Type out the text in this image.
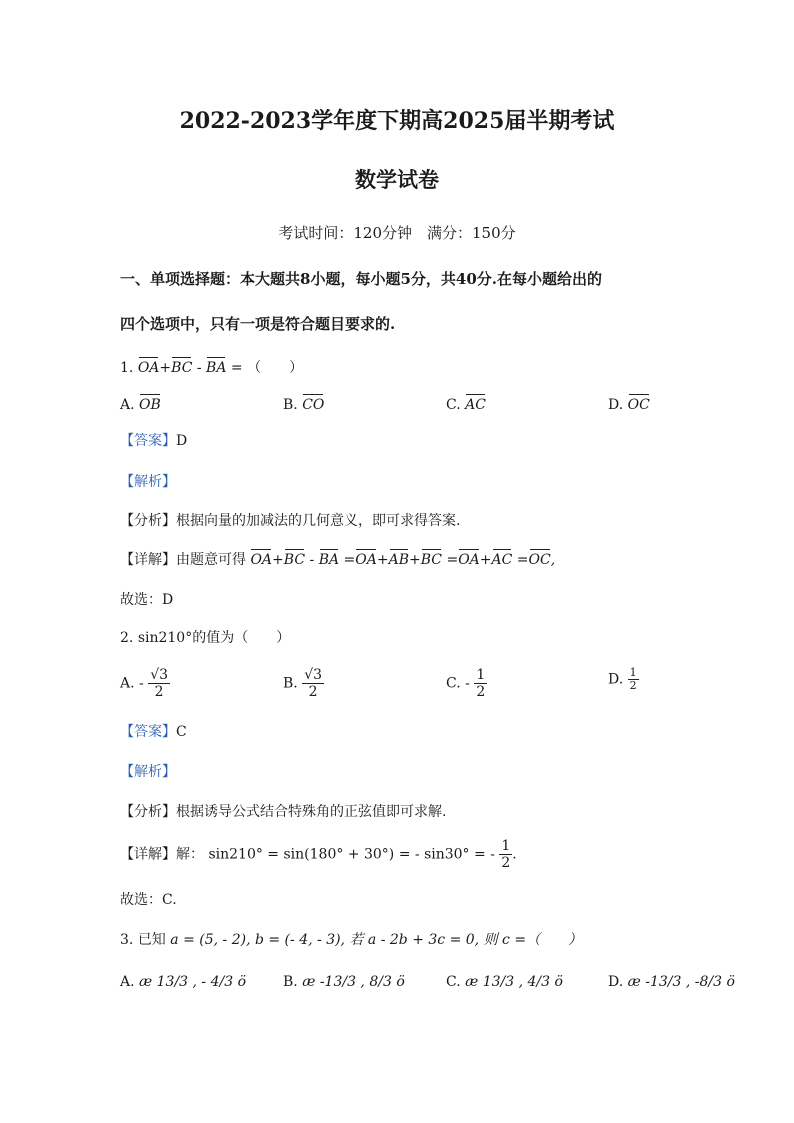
2022-2023学年度下期高2025届半期考试
数学试卷
考试时间：120分钟　满分：150分
一、单项选择题：本大题共8小题，每小题5分，共40分.在每小题给出的
四个选项中，只有一项是符合题目要求的.
1. OA+BC - BA = （　　）
A. OB	B. CO	C. AC	D. OC
【答案】D
【解析】
【分析】根据向量的加减法的几何意义，即可求得答案.
【详解】由题意可得 OA+BC - BA =OA+AB+BC =OA+AC =OC,
故选：D
2. sin210°的值为（　　）
A. - $\frac{√3}{2}$	B. $\frac{√3}{2}$	C. - $\frac{1}{2}$	D. $\frac{1}{2}$
【答案】C
【解析】
【分析】根据诱导公式结合特殊角的正弦值即可求解.
【详解】解： sin210° = sin(180° + 30°) = - sin30° = - $\frac{1}{2}$ .
故选：C.
3. 已知 a = (5, - 2), b = (- 4, - 3), 若 a - 2b + 3c = 0, 则 c =（　　）
A. æ 13/3 , - 4/3 ö	B. æ -13/3 , 8/3 ö	C. æ 13/3 , 4/3 ö	D. æ -13/3 , -8/3 ö
